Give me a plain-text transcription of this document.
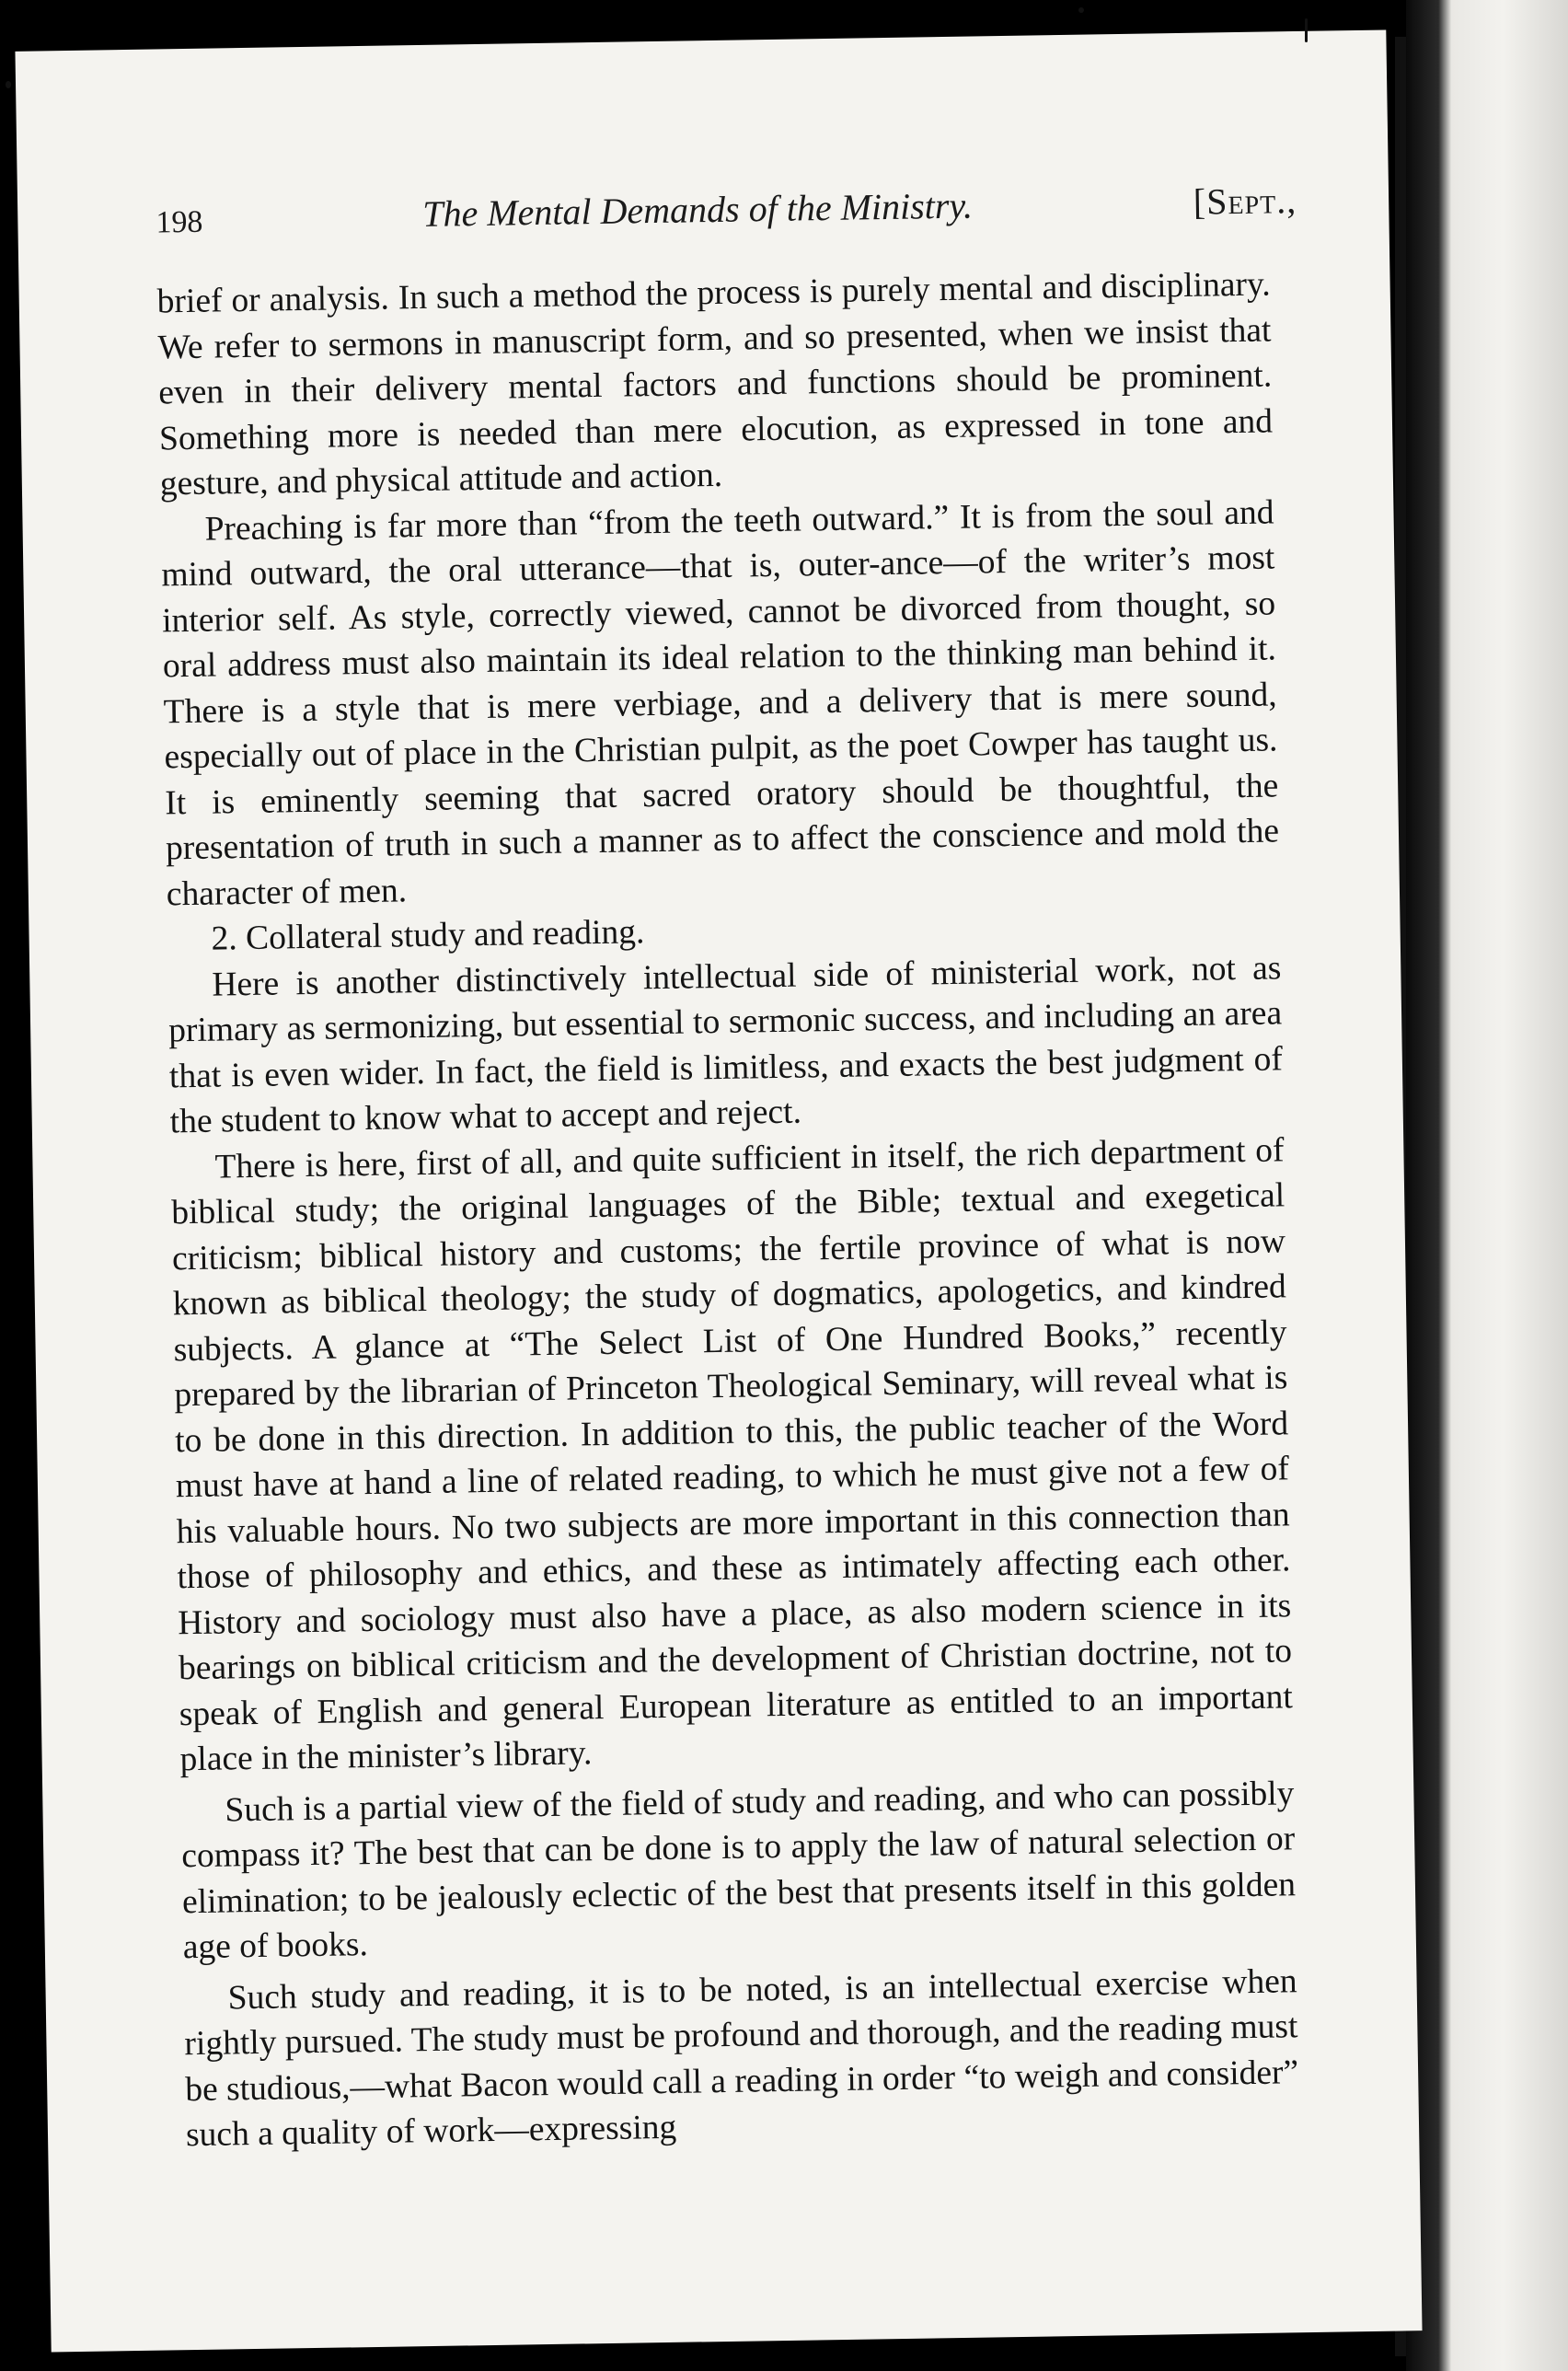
198	The Mental Demands of the Ministry.	[Sept.,

brief or analysis. In such a method the process is purely mental and disciplinary. We refer to sermons in manuscript form, and so presented, when we insist that even in their delivery mental factors and functions should be prominent. Something more is needed than mere elocution, as expressed in tone and gesture, and physical attitude and action.

Preaching is far more than “from the teeth outward.” It is from the soul and mind outward, the oral utterance—that is, outer-ance—of the writer’s most interior self. As style, correctly viewed, cannot be divorced from thought, so oral address must also maintain its ideal relation to the thinking man behind it. There is a style that is mere verbiage, and a delivery that is mere sound, especially out of place in the Christian pulpit, as the poet Cowper has taught us. It is eminently seeming that sacred oratory should be thoughtful, the presentation of truth in such a manner as to affect the conscience and mold the character of men.

2. Collateral study and reading.

Here is another distinctively intellectual side of ministerial work, not as primary as sermonizing, but essential to sermonic success, and including an area that is even wider. In fact, the field is limitless, and exacts the best judgment of the student to know what to accept and reject.

There is here, first of all, and quite sufficient in itself, the rich department of biblical study; the original languages of the Bible; textual and exegetical criticism; biblical history and customs; the fertile province of what is now known as biblical theology; the study of dogmatics, apologetics, and kindred subjects. A glance at “The Select List of One Hundred Books,” recently prepared by the librarian of Princeton Theological Seminary, will reveal what is to be done in this direction. In addition to this, the public teacher of the Word must have at hand a line of related reading, to which he must give not a few of his valuable hours. No two subjects are more important in this connection than those of philosophy and ethics, and these as intimately affecting each other. History and sociology must also have a place, as also modern science in its bearings on biblical criticism and the development of Christian doctrine, not to speak of English and general European literature as entitled to an important place in the minister’s library.

Such is a partial view of the field of study and reading, and who can possibly compass it? The best that can be done is to apply the law of natural selection or elimination; to be jealously eclectic of the best that presents itself in this golden age of books.

Such study and reading, it is to be noted, is an intellectual exercise when rightly pursued. The study must be profound and thorough, and the reading must be studious,—what Bacon would call a reading in order “to weigh and consider” such a quality of work—expressing
